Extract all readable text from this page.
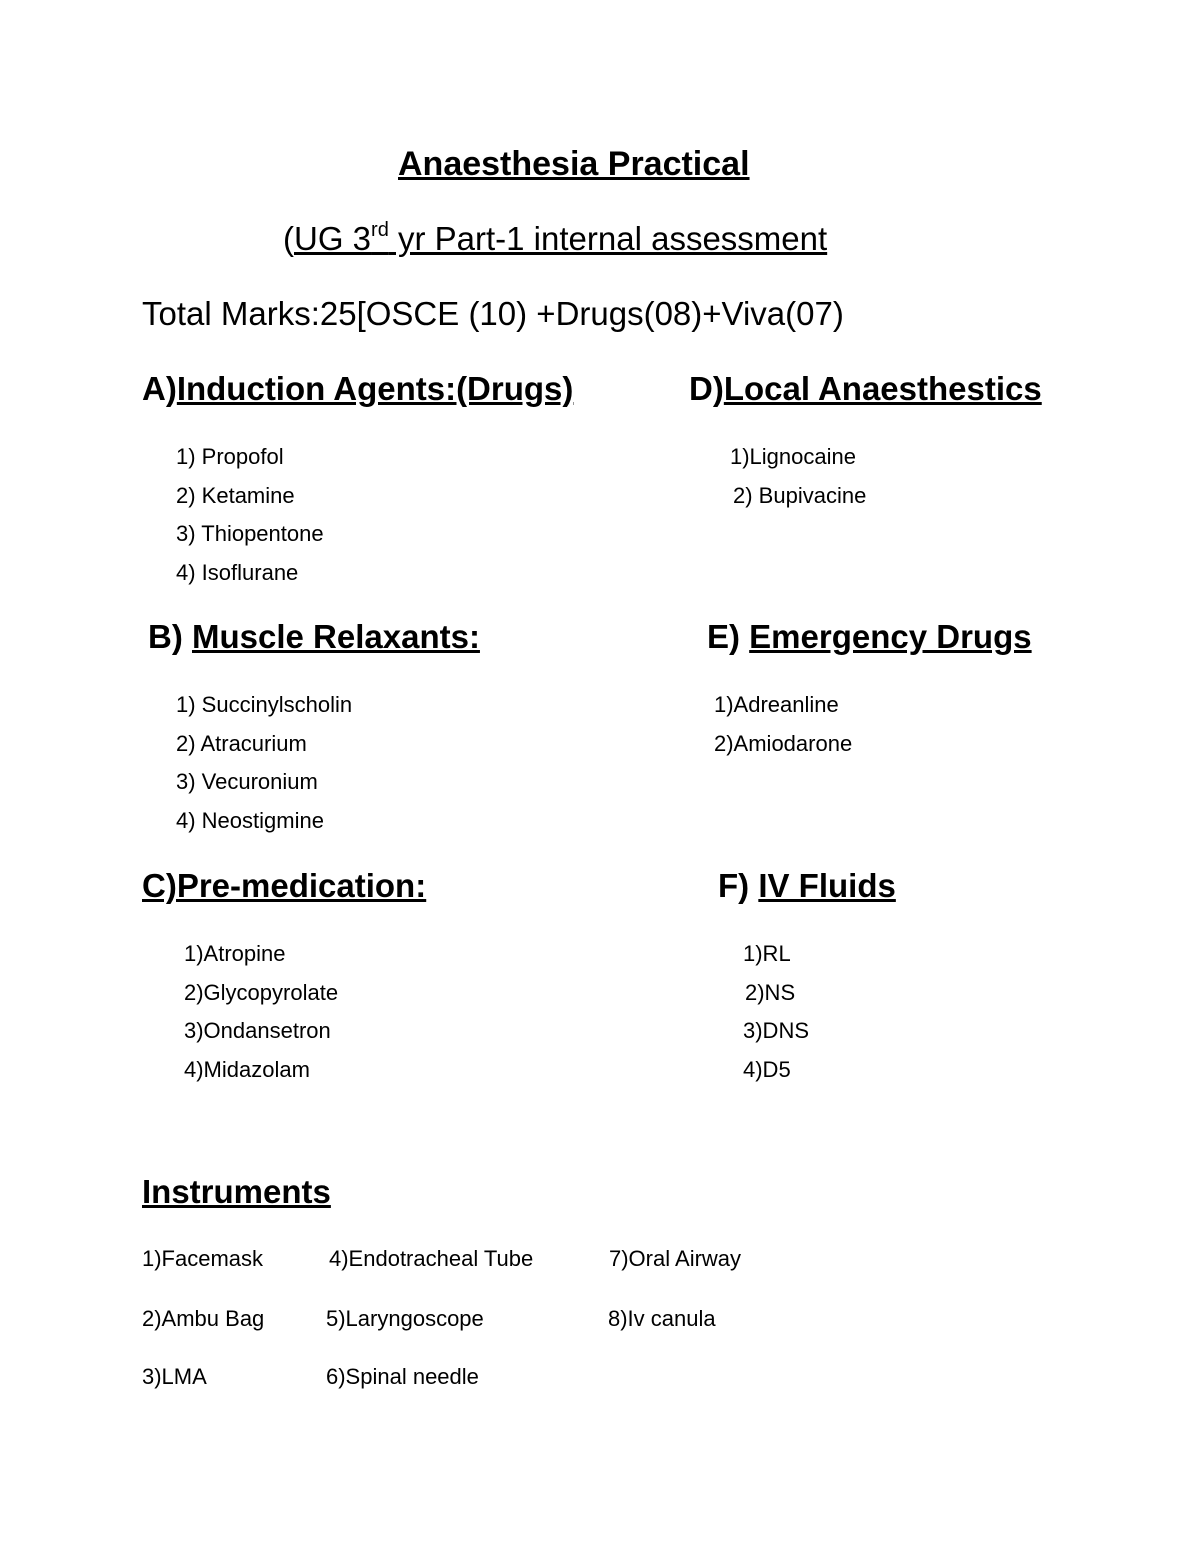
Anaesthesia Practical
(UG 3rd yr Part-1 internal assessment
Total Marks:25[OSCE (10) +Drugs(08)+Viva(07)
A)Induction Agents:(Drugs)
1) Propofol
2) Ketamine
3) Thiopentone
4) Isoflurane
D)Local Anaesthestics
1)Lignocaine
2) Bupivacine
B) Muscle Relaxants:
1) Succinylscholin
2) Atracurium
3) Vecuronium
4) Neostigmine
E) Emergency Drugs
1)Adreanline
2)Amiodarone
C)Pre-medication:
1)Atropine
2)Glycopyrolate
3)Ondansetron
4)Midazolam
F) IV Fluids
1)RL
2)NS
3)DNS
4)D5
Instruments
1)Facemask	4)Endotracheal Tube	7)Oral Airway
2)Ambu Bag	5)Laryngoscope	8)Iv canula
3)LMA	6)Spinal needle
